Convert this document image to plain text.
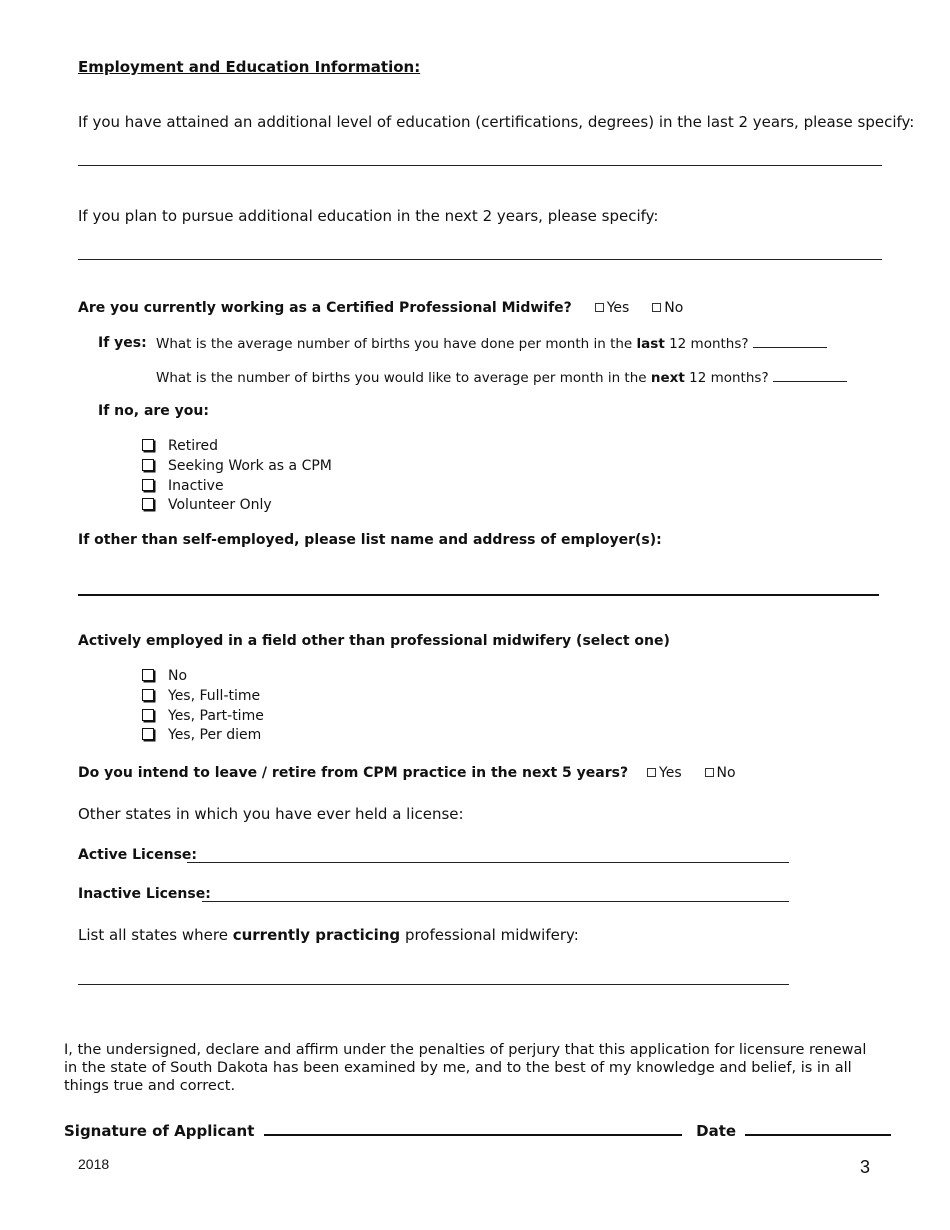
Employment and Education Information:
If you have attained an additional level of education (certifications, degrees) in the last 2 years, please specify:
If you plan to pursue additional education in the next 2 years, please specify:
Are you currently working as a Certified Professional Midwife? Yes No
If yes: What is the average number of births you have done per month in the last 12 months?
What is the number of births you would like to average per month in the next 12 months?
If no, are you:
Retired
Seeking Work as a CPM
Inactive
Volunteer Only
If other than self-employed, please list name and address of employer(s):
Actively employed in a field other than professional midwifery (select one)
No
Yes, Full-time
Yes, Part-time
Yes, Per diem
Do you intend to leave / retire from CPM practice in the next 5 years? Yes No
Other states in which you have ever held a license:
Active License:
Inactive License:
List all states where currently practicing professional midwifery:
I, the undersigned, declare and affirm under the penalties of perjury that this application for licensure renewal in the state of South Dakota has been examined by me, and to the best of my knowledge and belief, is in all things true and correct.
Signature of Applicant	Date
2018	3
